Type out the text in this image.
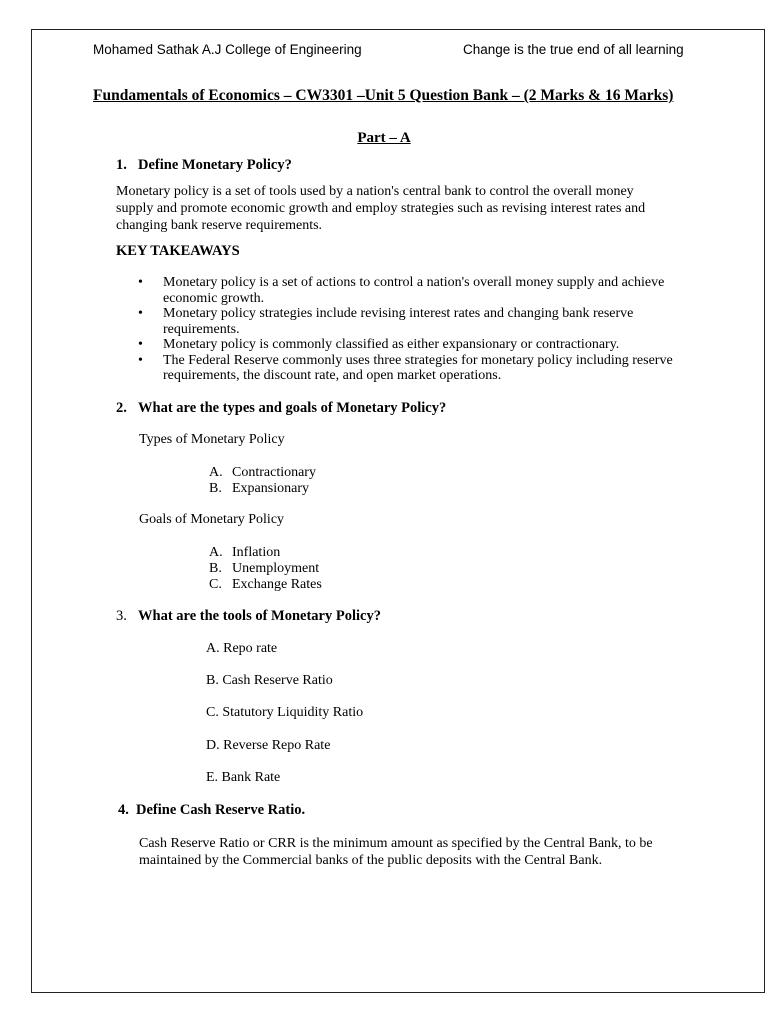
Mohamed Sathak A.J College of Engineering	Change is the true end of all learning
Fundamentals of Economics – CW3301 –Unit 5 Question Bank – (2 Marks & 16 Marks)
Part – A
1. Define Monetary Policy?
Monetary policy is a set of tools used by a nation's central bank to control the overall money supply and promote economic growth and employ strategies such as revising interest rates and changing bank reserve requirements.
KEY TAKEAWAYS
• Monetary policy is a set of actions to control a nation's overall money supply and achieve economic growth.
• Monetary policy strategies include revising interest rates and changing bank reserve requirements.
• Monetary policy is commonly classified as either expansionary or contractionary.
• The Federal Reserve commonly uses three strategies for monetary policy including reserve requirements, the discount rate, and open market operations.
2. What are the types and goals of Monetary Policy?
Types of Monetary Policy
A. Contractionary
B. Expansionary
Goals of Monetary Policy
A. Inflation
B. Unemployment
C. Exchange Rates
3. What are the tools of Monetary Policy?
A. Repo rate
B. Cash Reserve Ratio
C. Statutory Liquidity Ratio
D. Reverse Repo Rate
E. Bank Rate
4. Define Cash Reserve Ratio.
Cash Reserve Ratio or CRR is the minimum amount as specified by the Central Bank, to be maintained by the Commercial banks of the public deposits with the Central Bank.
